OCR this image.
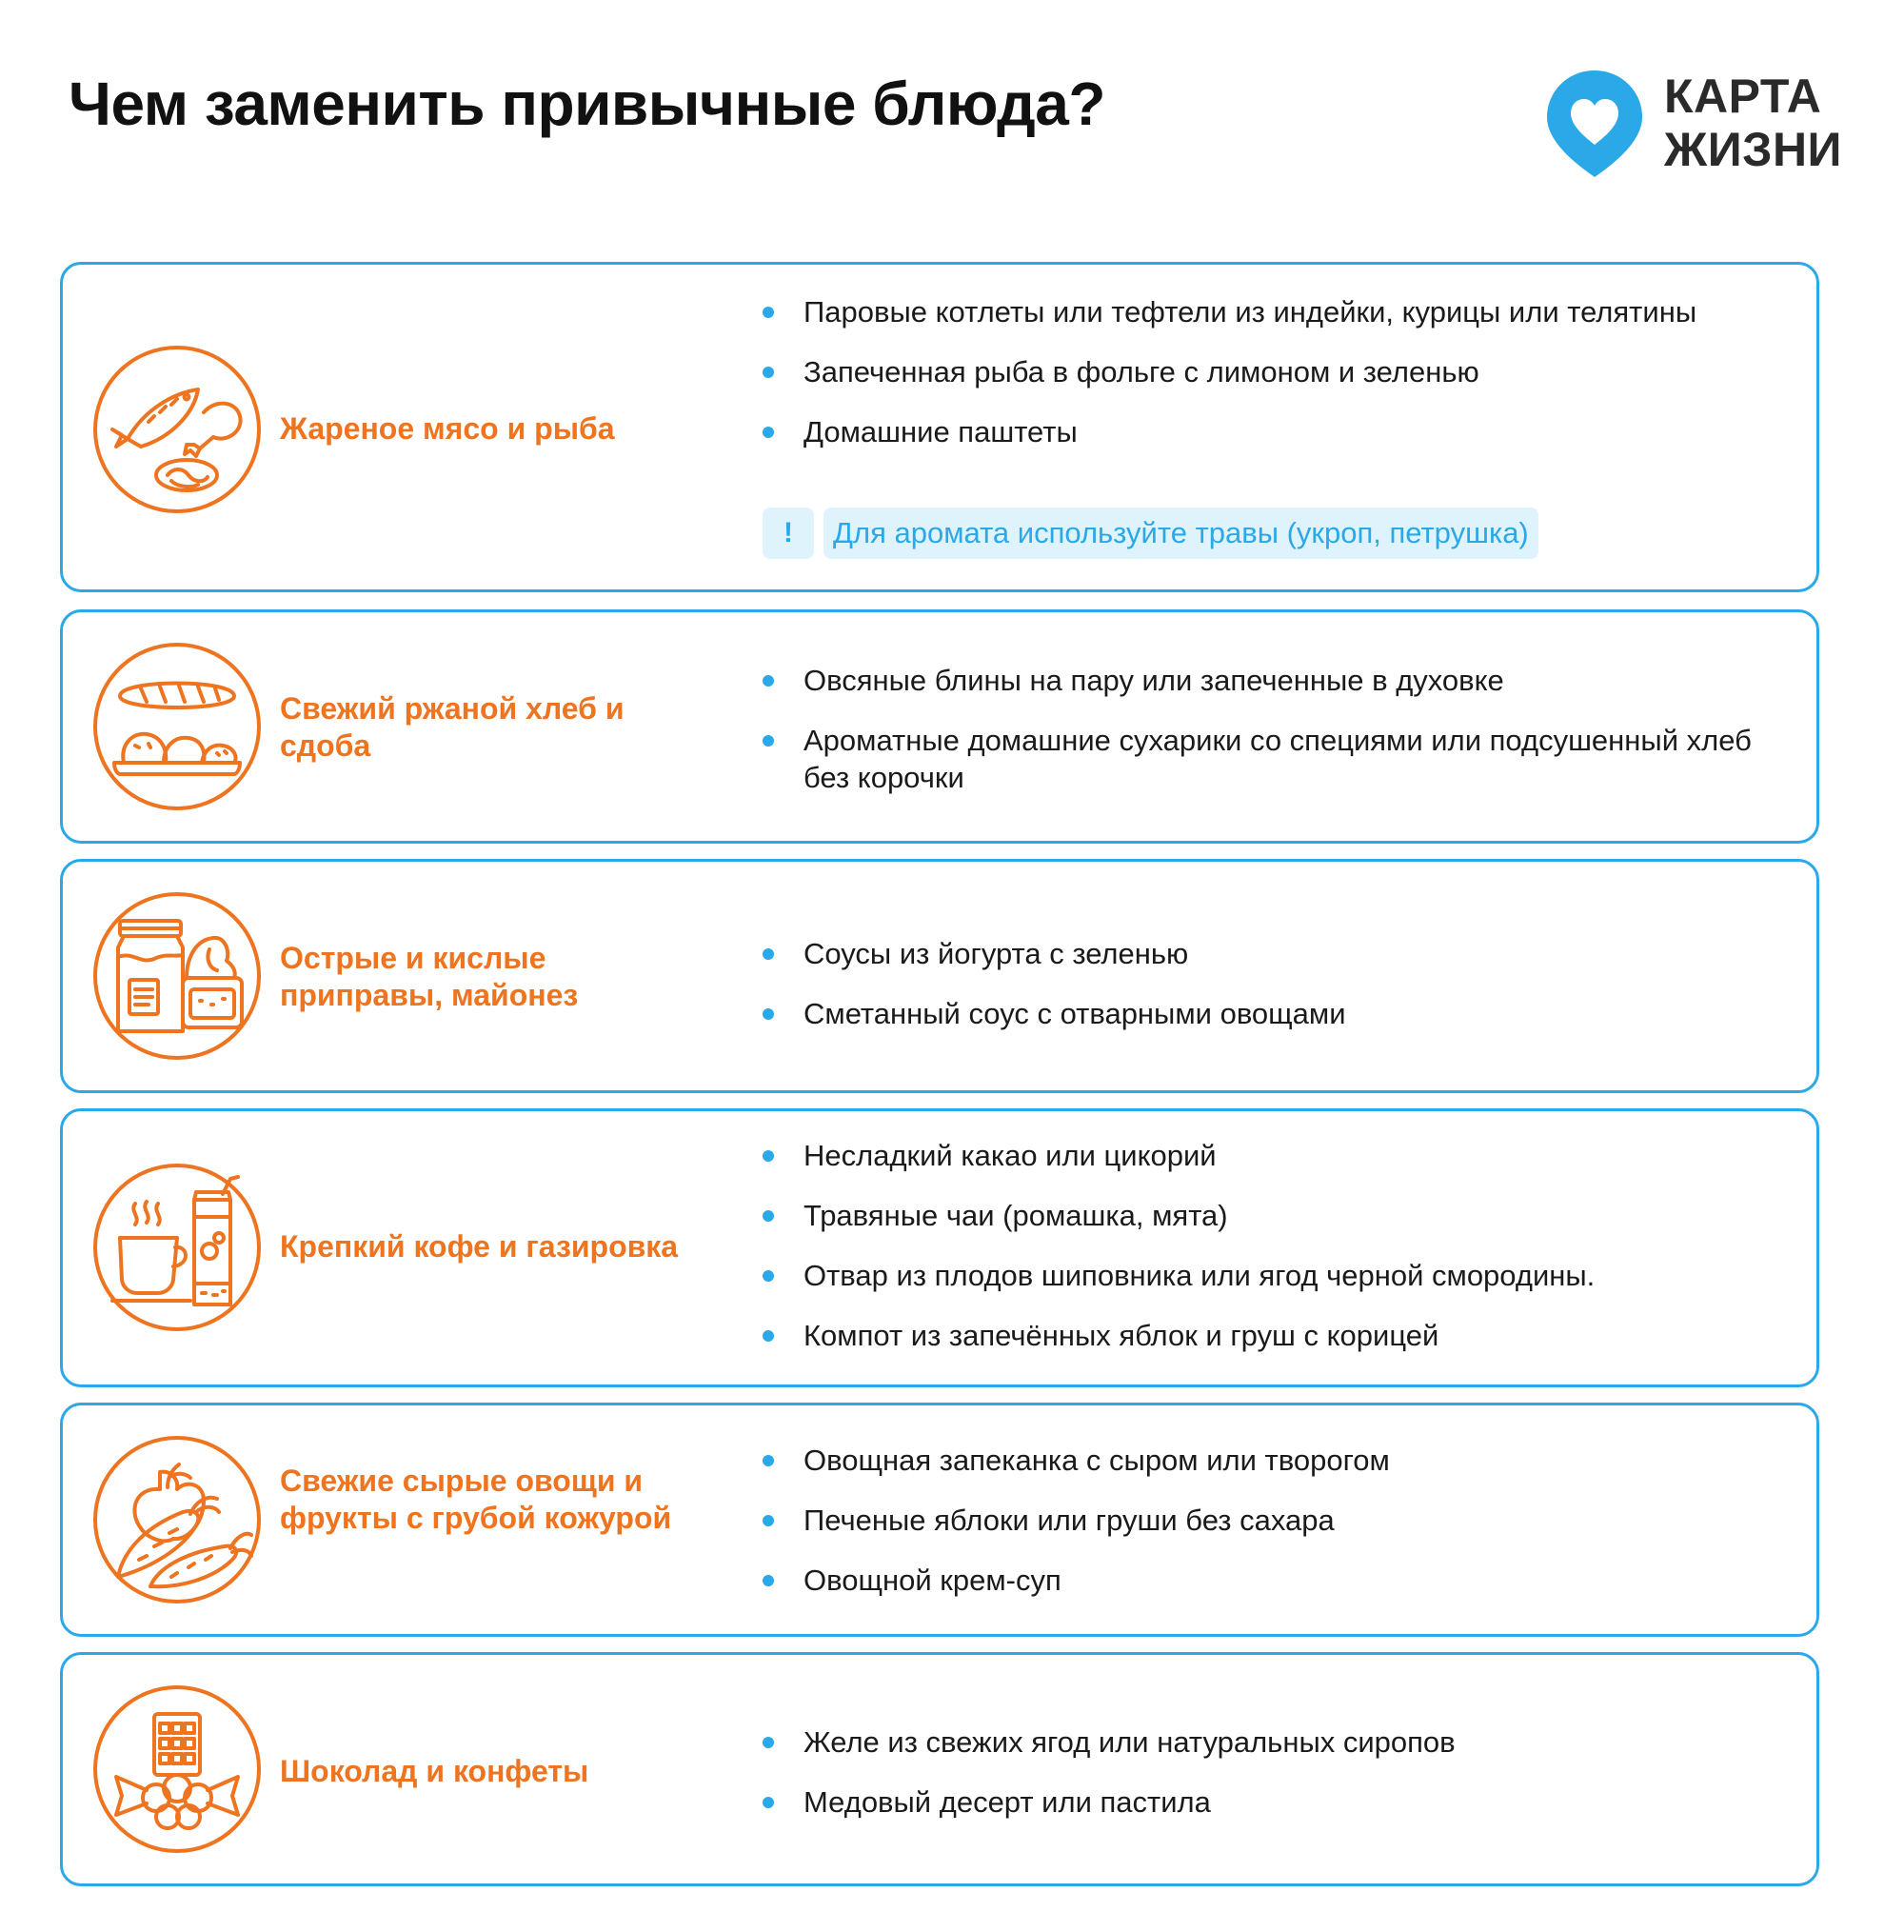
Чем заменить привычные блюда?	КАРТА
ЖИЗНИ
Жареное мясо и рыба
Паровые котлеты или тефтели из индейки, курицы или телятины
Запеченная рыба в фольге с лимоном и зеленью
Домашние паштеты
!	Для аромата используйте травы (укроп, петрушка)
Свежий ржаной хлеб и сдоба
Овсяные блины на пару или запеченные в духовке
Ароматные домашние сухарики со специями или подсушенный хлеб без корочки
Острые и кислые приправы, майонез
Соусы из йогурта с зеленью
Сметанный соус с отварными овощами
Крепкий кофе и газировка
Несладкий какао или цикорий
Травяные чаи (ромашка, мята)
Отвар из плодов шиповника или ягод черной смородины.
Компот из запечённых яблок и груш с корицей
Свежие сырые овощи и фрукты с грубой кожурой
Овощная запеканка с сыром или творогом
Печеные яблоки или груши без сахара
Овощной крем-суп
Шоколад и конфеты
Желе из свежих ягод или натуральных сиропов
Медовый десерт или пастила
